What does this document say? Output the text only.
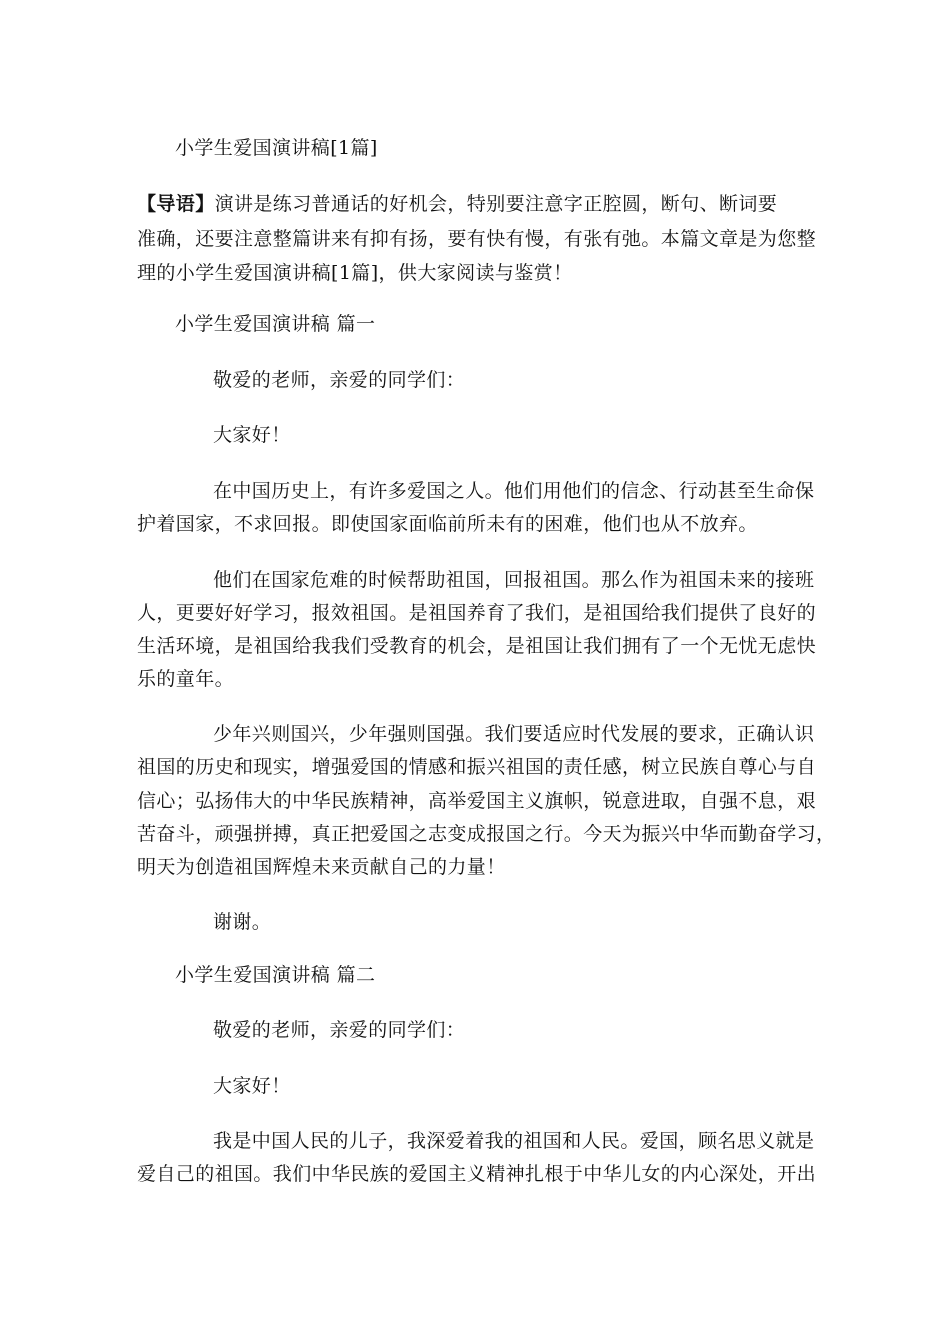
小学生爱国演讲稿[1篇]
【导语】演讲是练习普通话的好机会，特别要注意字正腔圆，断句、断词要
准确，还要注意整篇讲来有抑有扬，要有快有慢，有张有弛。本篇文章是为您整
理的小学生爱国演讲稿[1篇]，供大家阅读与鉴赏！
小学生爱国演讲稿 篇一
敬爱的老师，亲爱的同学们：
大家好！
在中国历史上，有许多爱国之人。他们用他们的信念、行动甚至生命保
护着国家，不求回报。即使国家面临前所未有的困难，他们也从不放弃。
他们在国家危难的时候帮助祖国，回报祖国。那么作为祖国未来的接班
人，更要好好学习，报效祖国。是祖国养育了我们，是祖国给我们提供了良好的
生活环境，是祖国给我我们受教育的机会，是祖国让我们拥有了一个无忧无虑快
乐的童年。
少年兴则国兴，少年强则国强。我们要适应时代发展的要求，正确认识
祖国的历史和现实，增强爱国的情感和振兴祖国的责任感，树立民族自尊心与自
信心；弘扬伟大的中华民族精神，高举爱国主义旗帜，锐意进取，自强不息，艰
苦奋斗，顽强拼搏，真正把爱国之志变成报国之行。今天为振兴中华而勤奋学习，
明天为创造祖国辉煌未来贡献自己的力量！
谢谢。
小学生爱国演讲稿 篇二
敬爱的老师，亲爱的同学们：
大家好！
我是中国人民的儿子，我深爱着我的祖国和人民。爱国，顾名思义就是
爱自己的祖国。我们中华民族的爱国主义精神扎根于中华儿女的内心深处，开出
